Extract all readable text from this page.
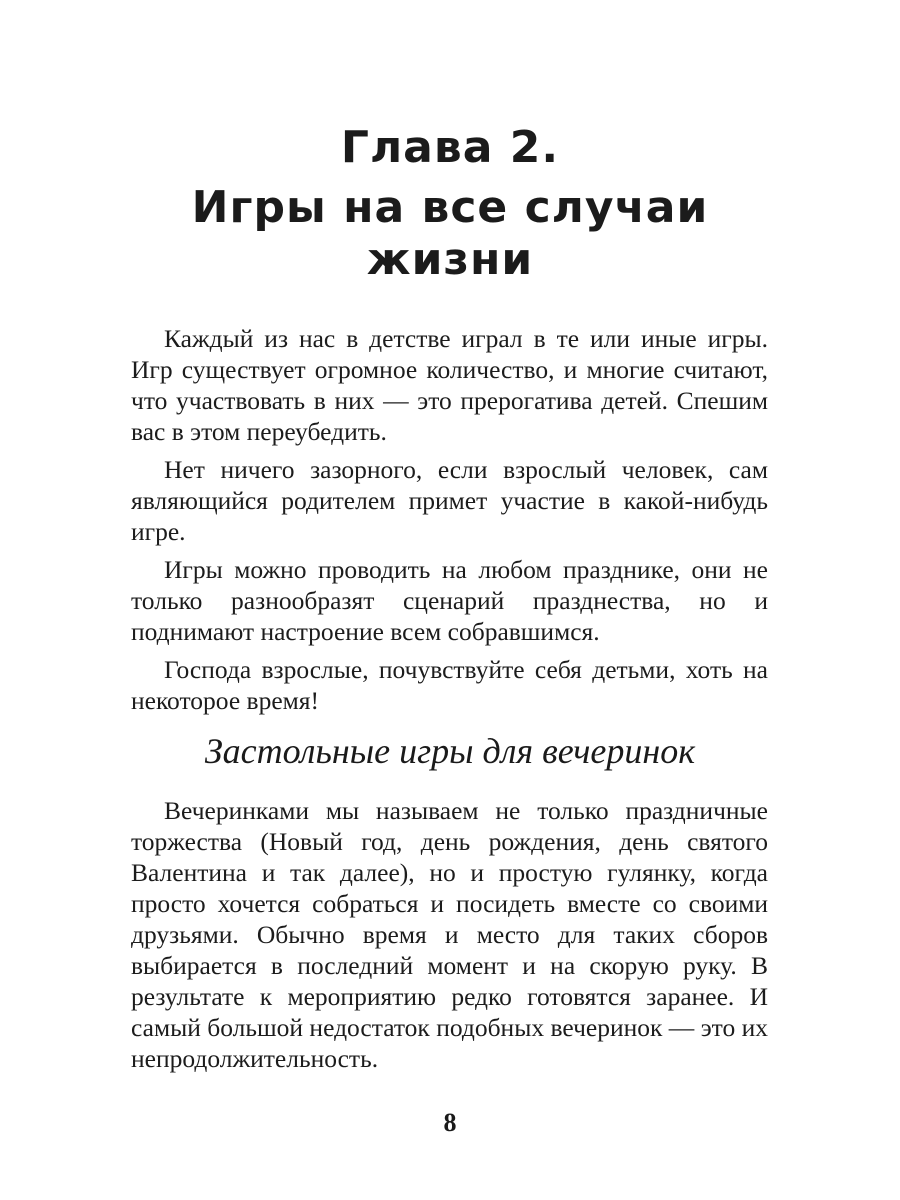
Глава 2.
Игры на все случаи
жизни

Каждый из нас в детстве играл в те или иные игры. Игр существует огромное количество, и многие считают, что участвовать в них — это прерогатива детей. Спешим вас в этом переубедить.

Нет ничего зазорного, если взрослый человек, сам являющийся родителем примет участие в какой-нибудь игре.

Игры можно проводить на любом празднике, они не только разнообразят сценарий празднества, но и поднимают настроение всем собравшимся.

Господа взрослые, почувствуйте себя детьми, хоть на некоторое время!

Застольные игры для вечеринок

Вечеринками мы называем не только праздничные торжества (Новый год, день рождения, день святого Валентина и так далее), но и простую гулянку, когда просто хочется собраться и посидеть вместе со своими друзьями. Обычно время и место для таких сборов выбирается в последний момент и на скорую руку. В результате к мероприятию редко готовятся заранее. И самый большой недостаток подобных вечеринок — это их непродолжительность.

8
